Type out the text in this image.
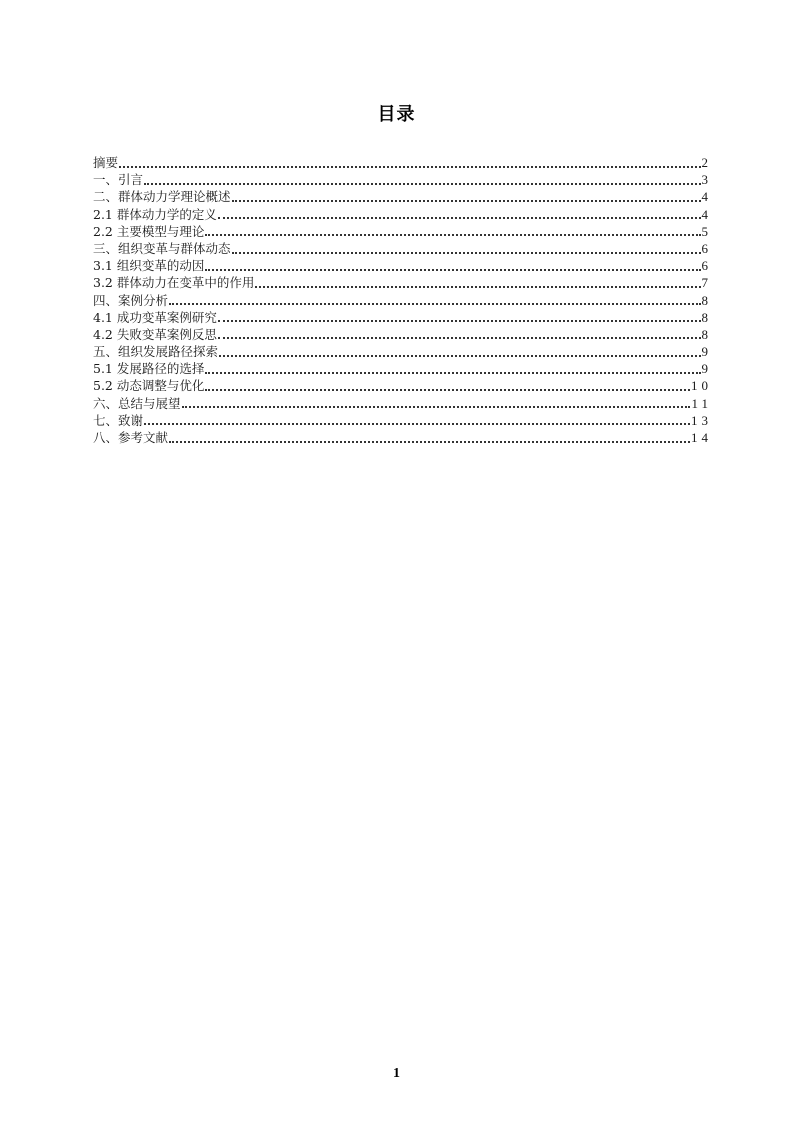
目录
摘要	2
一、引言	3
二、群体动力学理论概述	4
2.1 群体动力学的定义	4
2.2 主要模型与理论	5
三、组织变革与群体动态	6
3.1 组织变革的动因	6
3.2 群体动力在变革中的作用	7
四、案例分析	8
4.1 成功变革案例研究	8
4.2 失败变革案例反思	8
五、组织发展路径探索	9
5.1 发展路径的选择	9
5.2 动态调整与优化	10
六、总结与展望	11
七、致谢	13
八、参考文献	14
1
